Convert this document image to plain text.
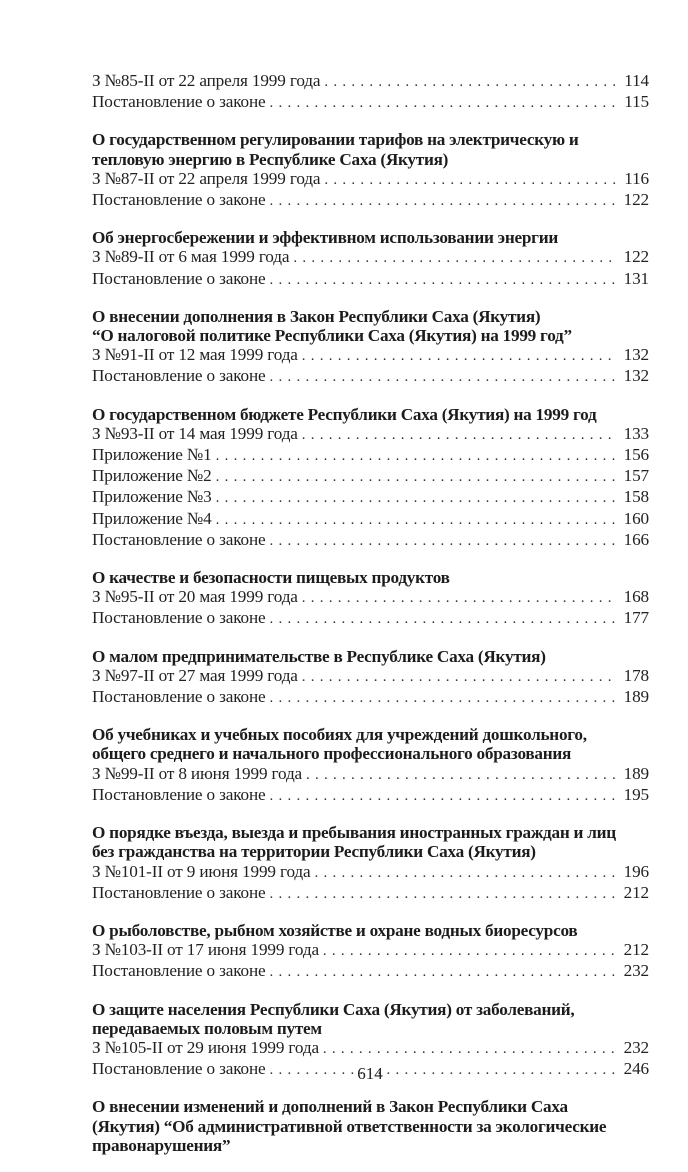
З №85-II от 22 апреля 1999 года . . .	114
Постановление о законе . . .	115
О государственном регулировании тарифов на электрическую и
тепловую энергию в Республике Саха (Якутия)
З №87-II от 22 апреля 1999 года . . .	116
Постановление о законе . . .	122
Об энергосбережении и эффективном использовании энергии
З №89-II от 6 мая 1999 года . . .	122
Постановление о законе . . .	131
О внесении дополнения в Закон Республики Саха (Якутия)
“О налоговой политике Республики Саха (Якутия) на 1999 год”
З №91-II от 12 мая 1999 года . . .	132
Постановление о законе . . .	132
О государственном бюджете Республики Саха (Якутия) на 1999 год
З №93-II от 14 мая 1999 года . . .	133
Приложение №1 . . .	156
Приложение №2 . . .	157
Приложение №3 . . .	158
Приложение №4 . . .	160
Постановление о законе . . .	166
О качестве и безопасности пищевых продуктов
З №95-II от 20 мая 1999 года . . .	168
Постановление о законе . . .	177
О малом предпринимательстве в Республике Саха (Якутия)
З №97-II от 27 мая 1999 года . . .	178
Постановление о законе . . .	189
Об учебниках и учебных пособиях для учреждений дошкольного,
общего среднего и начального профессионального образования
З №99-II от 8 июня 1999 года . . .	189
Постановление о законе . . .	195
О порядке въезда, выезда и пребывания иностранных граждан и лиц
без гражданства на территории Республики Саха (Якутия)
З №101-II от 9 июня 1999 года . . .	196
Постановление о законе . . .	212
О рыболовстве, рыбном хозяйстве и охране водных биоресурсов
З №103-II от 17 июня 1999 года . . .	212
Постановление о законе . . .	232
О защите населения Республики Саха (Якутия) от заболеваний,
передаваемых половым путем
З №105-II от 29 июня 1999 года . . .	232
Постановление о законе . . .	246
О внесении изменений и дополнений в Закон Республики Саха
(Якутия) “Об административной ответственности за экологические
правонарушения”
614
